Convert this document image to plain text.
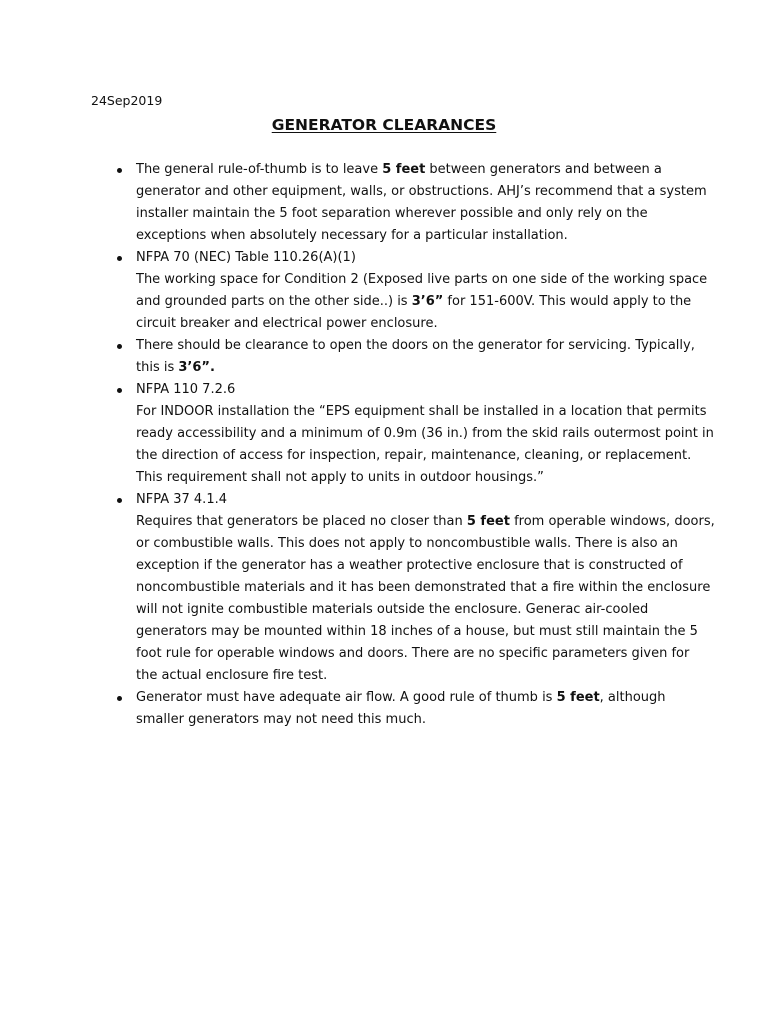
24Sep2019

GENERATOR CLEARANCES
The general rule-of-thumb is to leave 5 feet between generators and between a
generator and other equipment, walls, or obstructions. AHJ’s recommend that a system
installer maintain the 5 foot separation wherever possible and only rely on the
exceptions when absolutely necessary for a particular installation.
NFPA 70 (NEC) Table 110.26(A)(1)
The working space for Condition 2 (Exposed live parts on one side of the working space
and grounded parts on the other side..) is 3’6” for 151-600V. This would apply to the
circuit breaker and electrical power enclosure.
There should be clearance to open the doors on the generator for servicing. Typically,
this is 3’6”.
NFPA 110 7.2.6
For INDOOR installation the “EPS equipment shall be installed in a location that permits
ready accessibility and a minimum of 0.9m (36 in.) from the skid rails outermost point in
the direction of access for inspection, repair, maintenance, cleaning, or replacement.
This requirement shall not apply to units in outdoor housings.”
NFPA 37 4.1.4
Requires that generators be placed no closer than 5 feet from operable windows, doors,
or combustible walls. This does not apply to noncombustible walls. There is also an
exception if the generator has a weather protective enclosure that is constructed of
noncombustible materials and it has been demonstrated that a fire within the enclosure
will not ignite combustible materials outside the enclosure. Generac air-cooled
generators may be mounted within 18 inches of a house, but must still maintain the 5
foot rule for operable windows and doors. There are no specific parameters given for
the actual enclosure fire test.
Generator must have adequate air flow. A good rule of thumb is 5 feet, although
smaller generators may not need this much.
